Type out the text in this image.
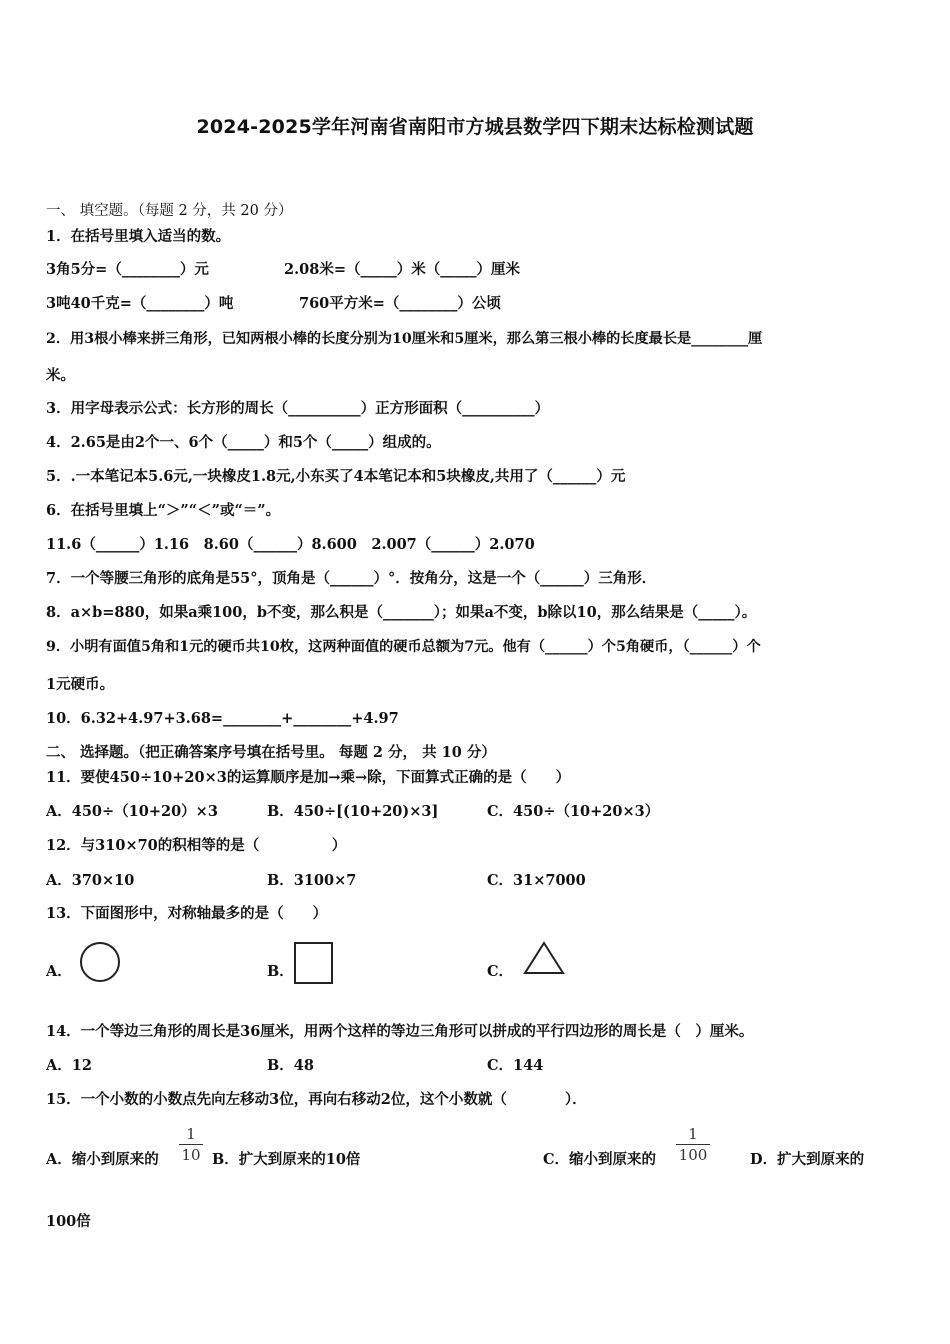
2024-2025学年河南省南阳市方城县数学四下期末达标检测试题
一、 填空题。（每题 2 分，共 20 分）
1．在括号里填入适当的数。
3角5分=（________）元	2.08米=（_____）米（_____）厘米
3吨40千克=（________）吨	760平方米=（________）公顷
2．用3根小棒来拼三角形，已知两根小棒的长度分别为10厘米和5厘米，那么第三根小棒的长度最长是________厘
米。
3．用字母表示公式：长方形的周长（__________）正方形面积（__________）
4．2.65是由2个一、6个（_____）和5个（_____）组成的。
5．.一本笔记本5.6元,一块橡皮1.8元,小东买了4本笔记本和5块橡皮,共用了（______）元
6．在括号里填上“＞”“＜”或“＝”。
11.6（______）1.16　8.60（______）8.600　2.007（______）2.070
7．一个等腰三角形的底角是55°，顶角是（______）°．按角分，这是一个（______）三角形．
8．a×b=880，如果a乘100，b不变，那么积是（_______）；如果a不变，b除以10，那么结果是（_____）。
9．小明有面值5角和1元的硬币共10枚，这两种面值的硬币总额为7元。他有（______）个5角硬币，（______）个
1元硬币。
10．6.32+4.97+3.68=________+________+4.97
二、 选择题。（把正确答案序号填在括号里。 每题 2 分， 共 10 分）
11．要使450÷10+20×3的运算顺序是加→乘→除，下面算式正确的是（　　）
A．450÷（10+20）×3	B．450÷[(10+20)×3]	C．450÷（10+20×3）
12．与310×70的积相等的是（　　　　　）
A．370×10	B．3100×7	C．31×7000
13．下面图形中，对称轴最多的是（　　）
A．	B．	C．
14．一个等边三角形的周长是36厘米，用两个这样的等边三角形可以拼成的平行四边形的周长是（　）厘米。
A．12	B．48	C．144
15．一个小数的小数点先向左移动3位，再向右移动2位，这个小数就（　　　　）．
A．缩小到原来的
1
10 B．扩大到原来的10倍	C．缩小到原来的
1
100	D．扩大到原来的
100倍
